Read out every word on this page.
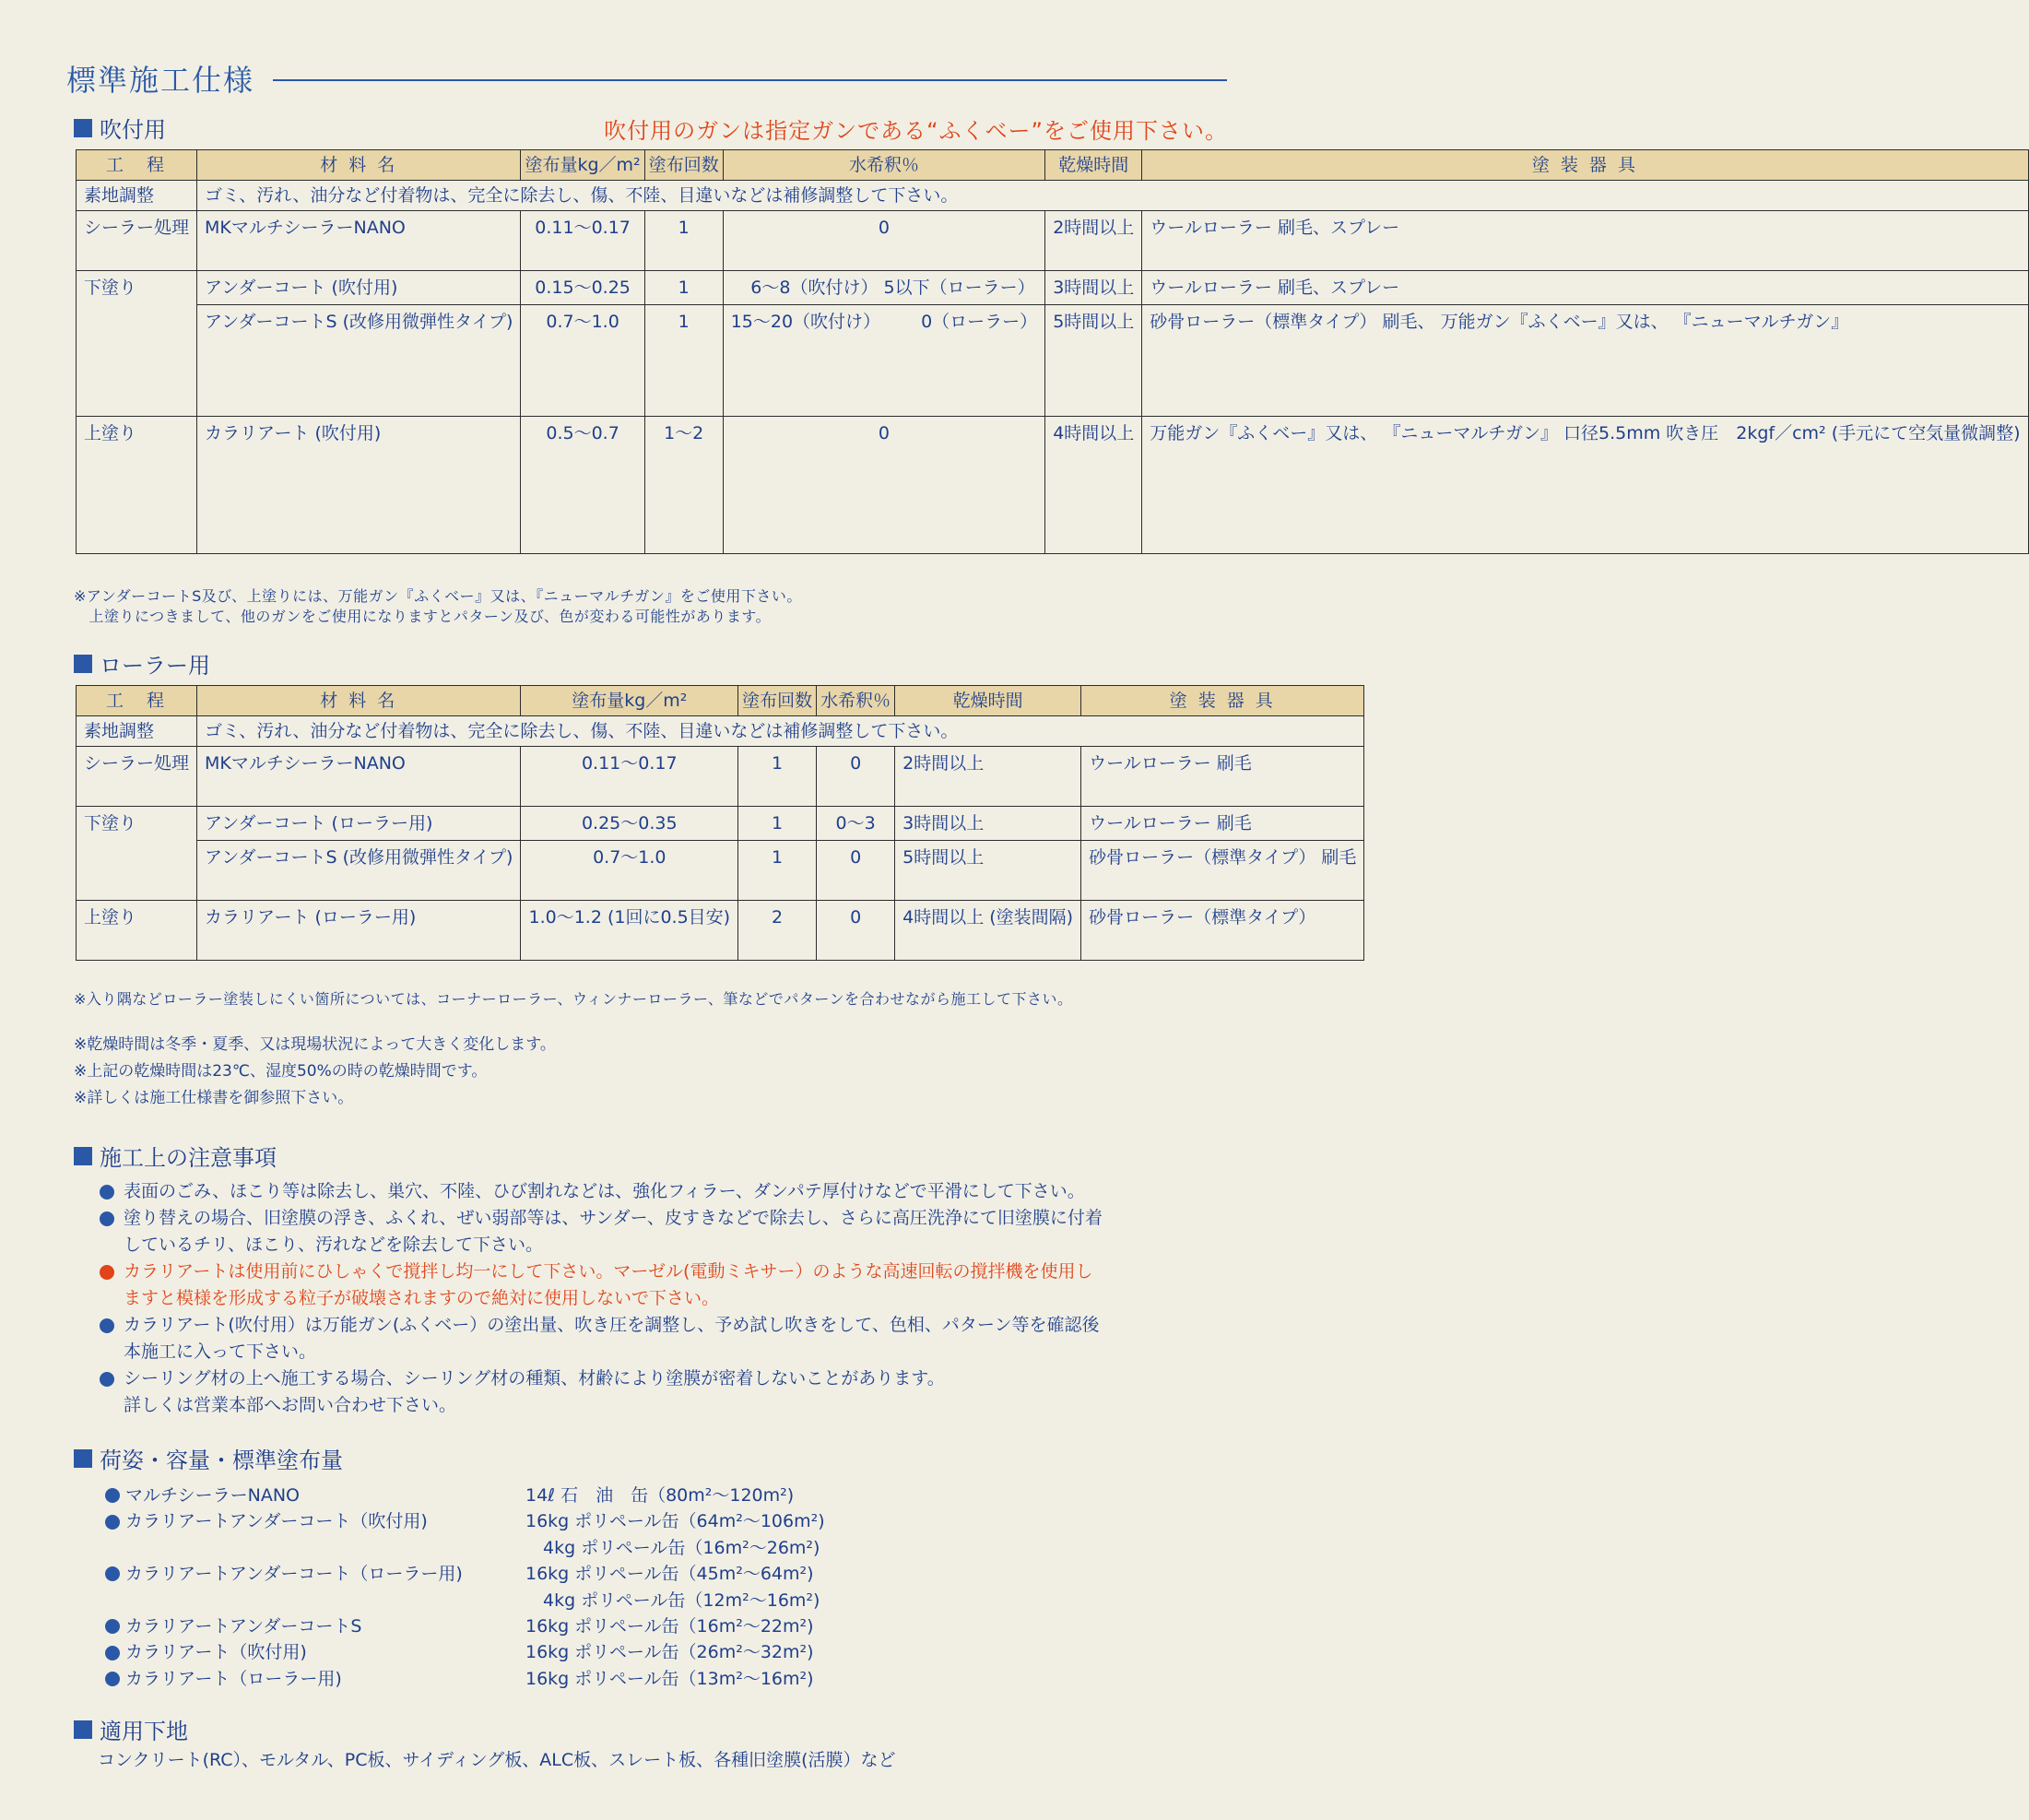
標準施工仕様
吹付用	吹付用のガンは指定ガンである“ふくベー”をご使用下さい。
工　程	材 料 名	塗布量kg／m²	塗布回数	水希釈％	乾燥時間	塗 装 器 具
素地調整	ゴミ、汚れ、油分など付着物は、完全に除去し、傷、不陸、目違いなどは補修調整して下さい。					
シーラー処理	MKマルチシーラーNANO	0.11〜0.17	1	0	2時間以上	ウールローラー 刷毛、スプレー
下塗り	アンダーコート (吹付用)	0.15〜0.25	1	　6〜8（吹付け） 5以下（ローラー）	3時間以上	ウールローラー 刷毛、スプレー
	アンダーコートS (改修用微弾性タイプ)	0.7〜1.0	1	15〜20（吹付け） 　　0（ローラー）	5時間以上	砂骨ローラー（標準タイプ） 刷毛、 万能ガン『ふくベー』又は、 『ニューマルチガン』
上塗り	カラリアート (吹付用)	0.5〜0.7	1〜2	0	4時間以上	万能ガン『ふくベー』又は、 『ニューマルチガン』 口径5.5mm 吹き圧　2kgf／cm² (手元にて空気量微調整)
※アンダーコートS及び、上塗りには、万能ガン『ふくベー』又は、『ニューマルチガン』をご使用下さい。
　上塗りにつきまして、他のガンをご使用になりますとパターン及び、色が変わる可能性があります。
ローラー用
工　程	材 料 名	塗布量kg／m²	塗布回数	水希釈％	乾燥時間	塗 装 器 具
素地調整	ゴミ、汚れ、油分など付着物は、完全に除去し、傷、不陸、目違いなどは補修調整して下さい。					
シーラー処理	MKマルチシーラーNANO	0.11〜0.17	1	0	2時間以上	ウールローラー 刷毛
下塗り	アンダーコート (ローラー用)	0.25〜0.35	1	0〜3	3時間以上	ウールローラー 刷毛
	アンダーコートS (改修用微弾性タイプ)	0.7〜1.0	1	0	5時間以上	砂骨ローラー（標準タイプ） 刷毛
上塗り	カラリアート (ローラー用)	1.0〜1.2 (1回に0.5目安)	2	0	4時間以上 (塗装間隔)	砂骨ローラー（標準タイプ）
※入り隅などローラー塗装しにくい箇所については、コーナーローラー、ウィンナーローラー、筆などでパターンを合わせながら施工して下さい。
※乾燥時間は冬季・夏季、又は現場状況によって大きく変化します。
※上記の乾燥時間は23℃、湿度50%の時の乾燥時間です。
※詳しくは施工仕様書を御参照下さい。
施工上の注意事項
表面のごみ、ほこり等は除去し、巣穴、不陸、ひび割れなどは、強化フィラー、ダンパテ厚付けなどで平滑にして下さい。
塗り替えの場合、旧塗膜の浮き、ふくれ、ぜい弱部等は、サンダー、皮すきなどで除去し、さらに高圧洗浄にて旧塗膜に付着
しているチリ、ほこり、汚れなどを除去して下さい。
カラリアートは使用前にひしゃくで撹拌し均一にして下さい。マーゼル(電動ミキサー）のような高速回転の撹拌機を使用し
ますと模様を形成する粒子が破壊されますので絶対に使用しないで下さい。
カラリアート(吹付用）は万能ガン(ふくベー）の塗出量、吹き圧を調整し、予め試し吹きをして、色相、パターン等を確認後
本施工に入って下さい。
シーリング材の上へ施工する場合、シーリング材の種類、材齢により塗膜が密着しないことがあります。
詳しくは営業本部へお問い合わせ下さい。
荷姿・容量・標準塗布量
マルチシーラーNANO	14ℓ 石　油　缶（80m²〜120m²)
カラリアートアンダーコート（吹付用)	16kg ポリペール缶（64m²〜106m²)
　4kg ポリペール缶（16m²〜26m²)
カラリアートアンダーコート（ローラー用)	16kg ポリペール缶（45m²〜64m²)
　4kg ポリペール缶（12m²〜16m²)
カラリアートアンダーコートS	16kg ポリペール缶（16m²〜22m²)
カラリアート（吹付用)	16kg ポリペール缶（26m²〜32m²)
カラリアート（ローラー用)	16kg ポリペール缶（13m²〜16m²)
適用下地
コンクリート(RC）、モルタル、PC板、サイディング板、ALC板、スレート板、各種旧塗膜(活膜）など
